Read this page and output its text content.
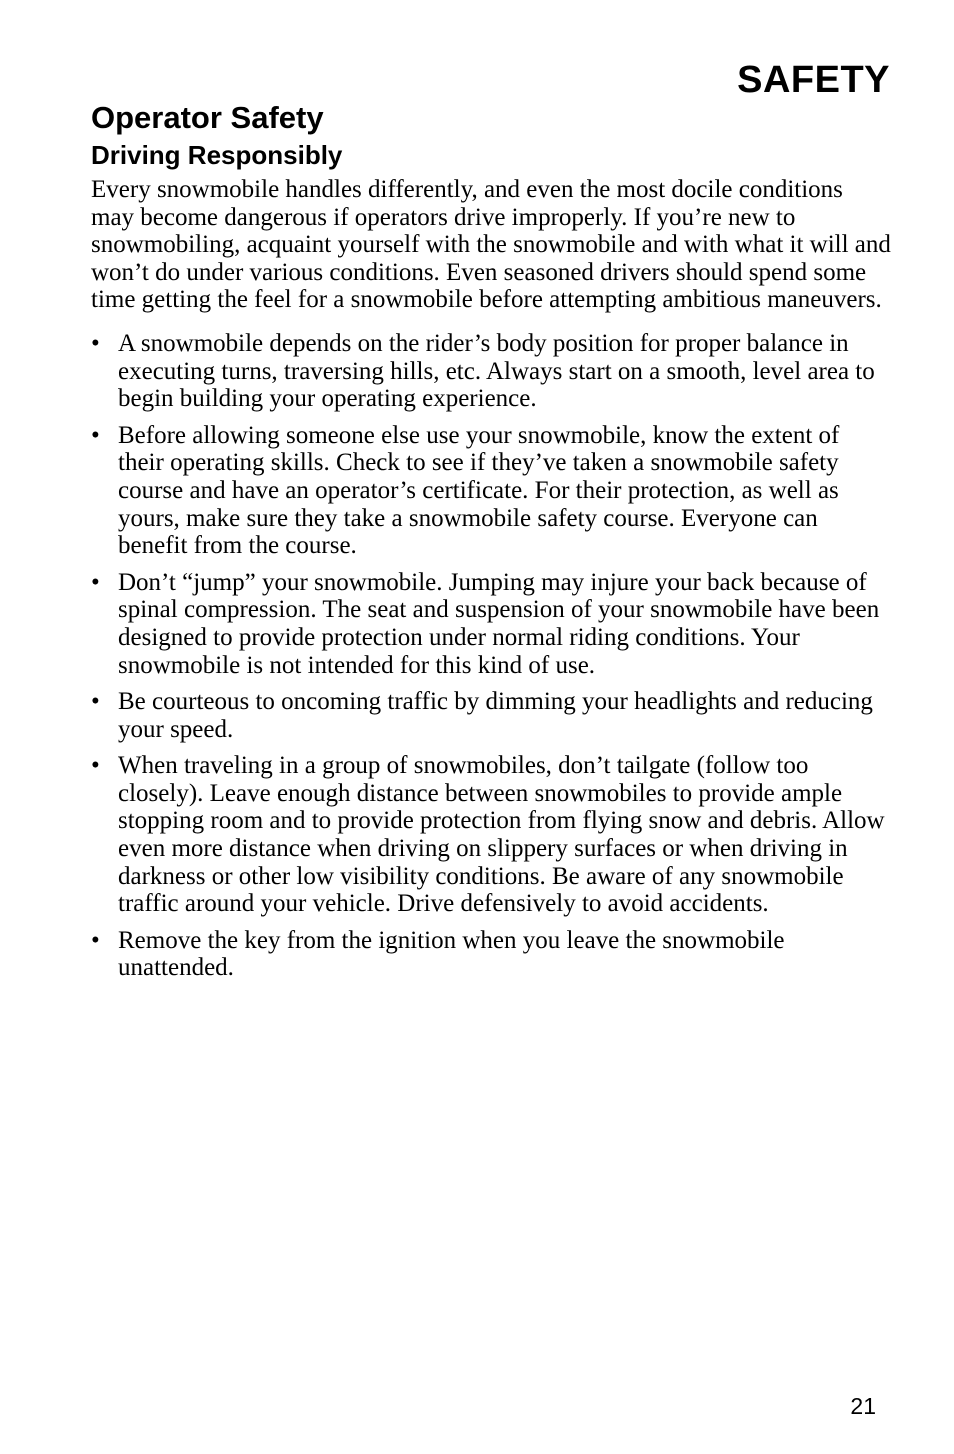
SAFETY
Operator Safety
Driving Responsibly

Every snowmobile handles differently, and even the most docile conditions may become dangerous if operators drive improperly. If you’re new to snowmobiling, acquaint yourself with the snowmobile and with what it will and won’t do under various conditions. Even seasoned drivers should spend some time getting the feel for a snowmobile before attempting ambitious maneuvers.

• A snowmobile depends on the rider’s body position for proper balance in executing turns, traversing hills, etc. Always start on a smooth, level area to begin building your operating experience.
• Before allowing someone else use your snowmobile, know the extent of their operating skills. Check to see if they’ve taken a snowmobile safety course and have an operator’s certificate. For their protection, as well as yours, make sure they take a snowmobile safety course. Everyone can benefit from the course.
• Don’t “jump” your snowmobile. Jumping may injure your back because of spinal compression. The seat and suspension of your snowmobile have been designed to provide protection under normal riding conditions. Your snowmobile is not intended for this kind of use.
• Be courteous to oncoming traffic by dimming your headlights and reducing your speed.
• When traveling in a group of snowmobiles, don’t tailgate (follow too closely). Leave enough distance between snowmobiles to provide ample stopping room and to provide protection from flying snow and debris. Allow even more distance when driving on slippery surfaces or when driving in darkness or other low visibility conditions. Be aware of any snowmobile traffic around your vehicle. Drive defensively to avoid accidents.
• Remove the key from the ignition when you leave the snowmobile unattended.
21
